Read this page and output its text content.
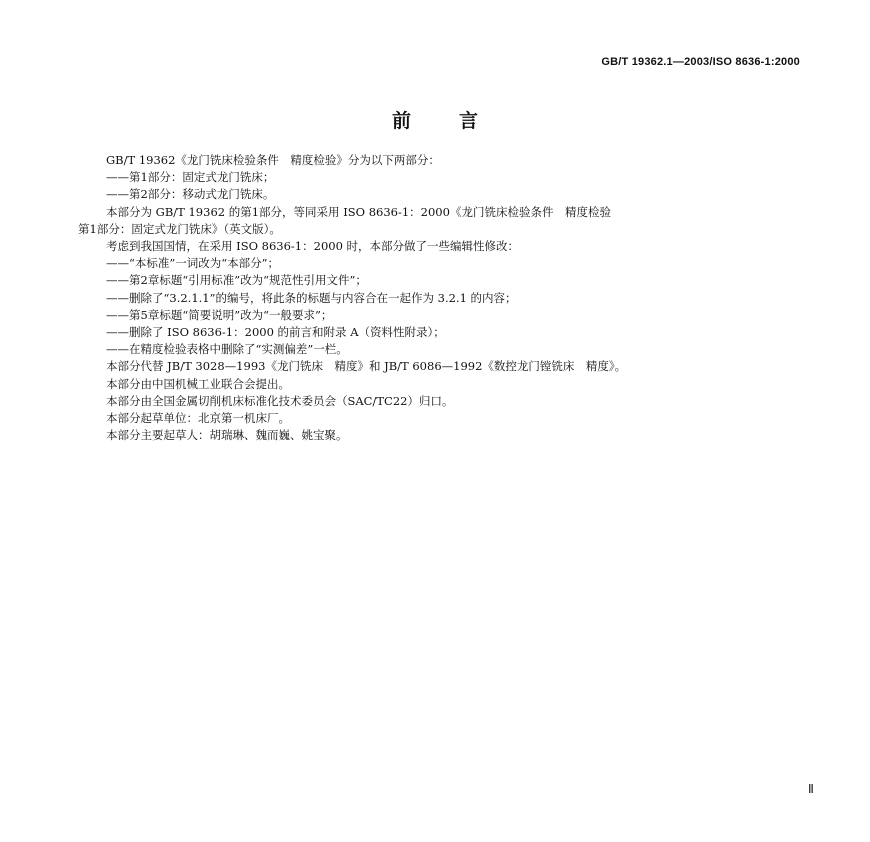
GB/T 19362.1—2003/ISO 8636-1:2000
前言

GB/T 19362《龙门铣床检验条件　精度检验》分为以下两部分：

——第1部分：固定式龙门铣床；

——第2部分：移动式龙门铣床。

本部分为 GB/T 19362 的第1部分，等同采用 ISO 8636-1：2000《龙门铣床检验条件　精度检验

第1部分：固定式龙门铣床》（英文版）。

考虑到我国国情，在采用 ISO 8636-1：2000 时，本部分做了一些编辑性修改：

——“本标准”一词改为“本部分”；

——第2章标题“引用标准”改为“规范性引用文件”；

——删除了“3.2.1.1”的编号，将此条的标题与内容合在一起作为 3.2.1 的内容；

——第5章标题“简要说明”改为“一般要求”；

——删除了 ISO 8636-1：2000 的前言和附录 A（资料性附录）；

——在精度检验表格中删除了“实测偏差”一栏。

本部分代替 JB/T 3028—1993《龙门铣床　精度》和 JB/T 6086—1992《数控龙门镗铣床　精度》。

本部分由中国机械工业联合会提出。

本部分由全国金属切削机床标准化技术委员会（SAC/TC22）归口。

本部分起草单位：北京第一机床厂。

本部分主要起草人：胡瑞琳、魏而巍、姚宝聚。

Ⅱ
